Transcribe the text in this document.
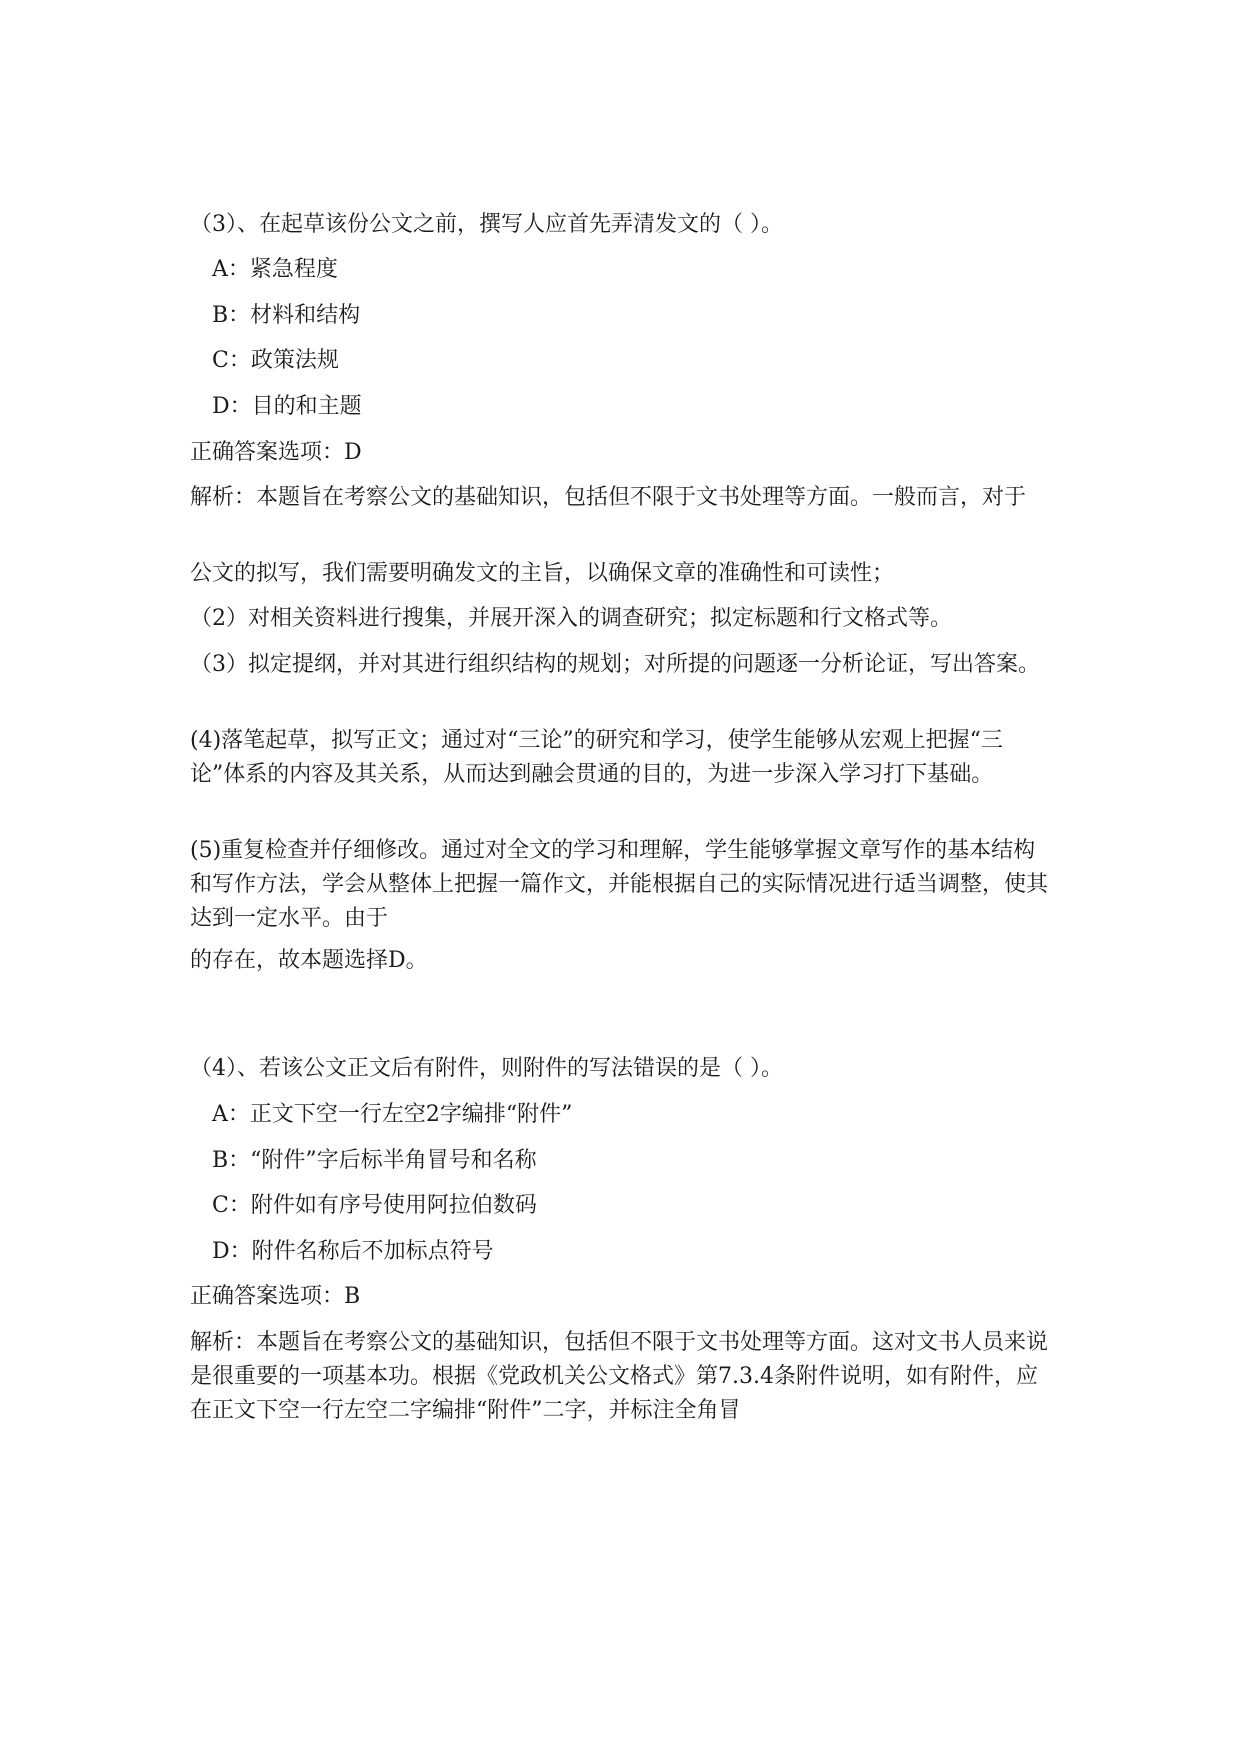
（3）、在起草该份公文之前，撰写人应首先弄清发文的（ ）。
A：紧急程度
B：材料和结构
C：政策法规
D：目的和主题
正确答案选项：D
解析：本题旨在考察公文的基础知识，包括但不限于文书处理等方面。一般而言，对于
公文的拟写，我们需要明确发文的主旨，以确保文章的准确性和可读性；
（2）对相关资料进行搜集，并展开深入的调查研究；拟定标题和行文格式等。
（3）拟定提纲，并对其进行组织结构的规划；对所提的问题逐一分析论证，写出答案。
(4)落笔起草，拟写正文；通过对“三论”的研究和学习，使学生能够从宏观上把握“三论”体系的内容及其关系，从而达到融会贯通的目的，为进一步深入学习打下基础。
(5)重复检查并仔细修改。通过对全文的学习和理解，学生能够掌握文章写作的基本结构和写作方法，学会从整体上把握一篇作文，并能根据自己的实际情况进行适当调整，使其达到一定水平。由于
的存在，故本题选择D。
（4）、若该公文正文后有附件，则附件的写法错误的是（ ）。
A：正文下空一行左空2字编排“附件”
B：“附件”字后标半角冒号和名称
C：附件如有序号使用阿拉伯数码
D：附件名称后不加标点符号
正确答案选项：B
解析：本题旨在考察公文的基础知识，包括但不限于文书处理等方面。这对文书人员来说是很重要的一项基本功。根据《党政机关公文格式》第7.3.4条附件说明，如有附件，应在正文下空一行左空二字编排“附件”二字，并标注全角冒
